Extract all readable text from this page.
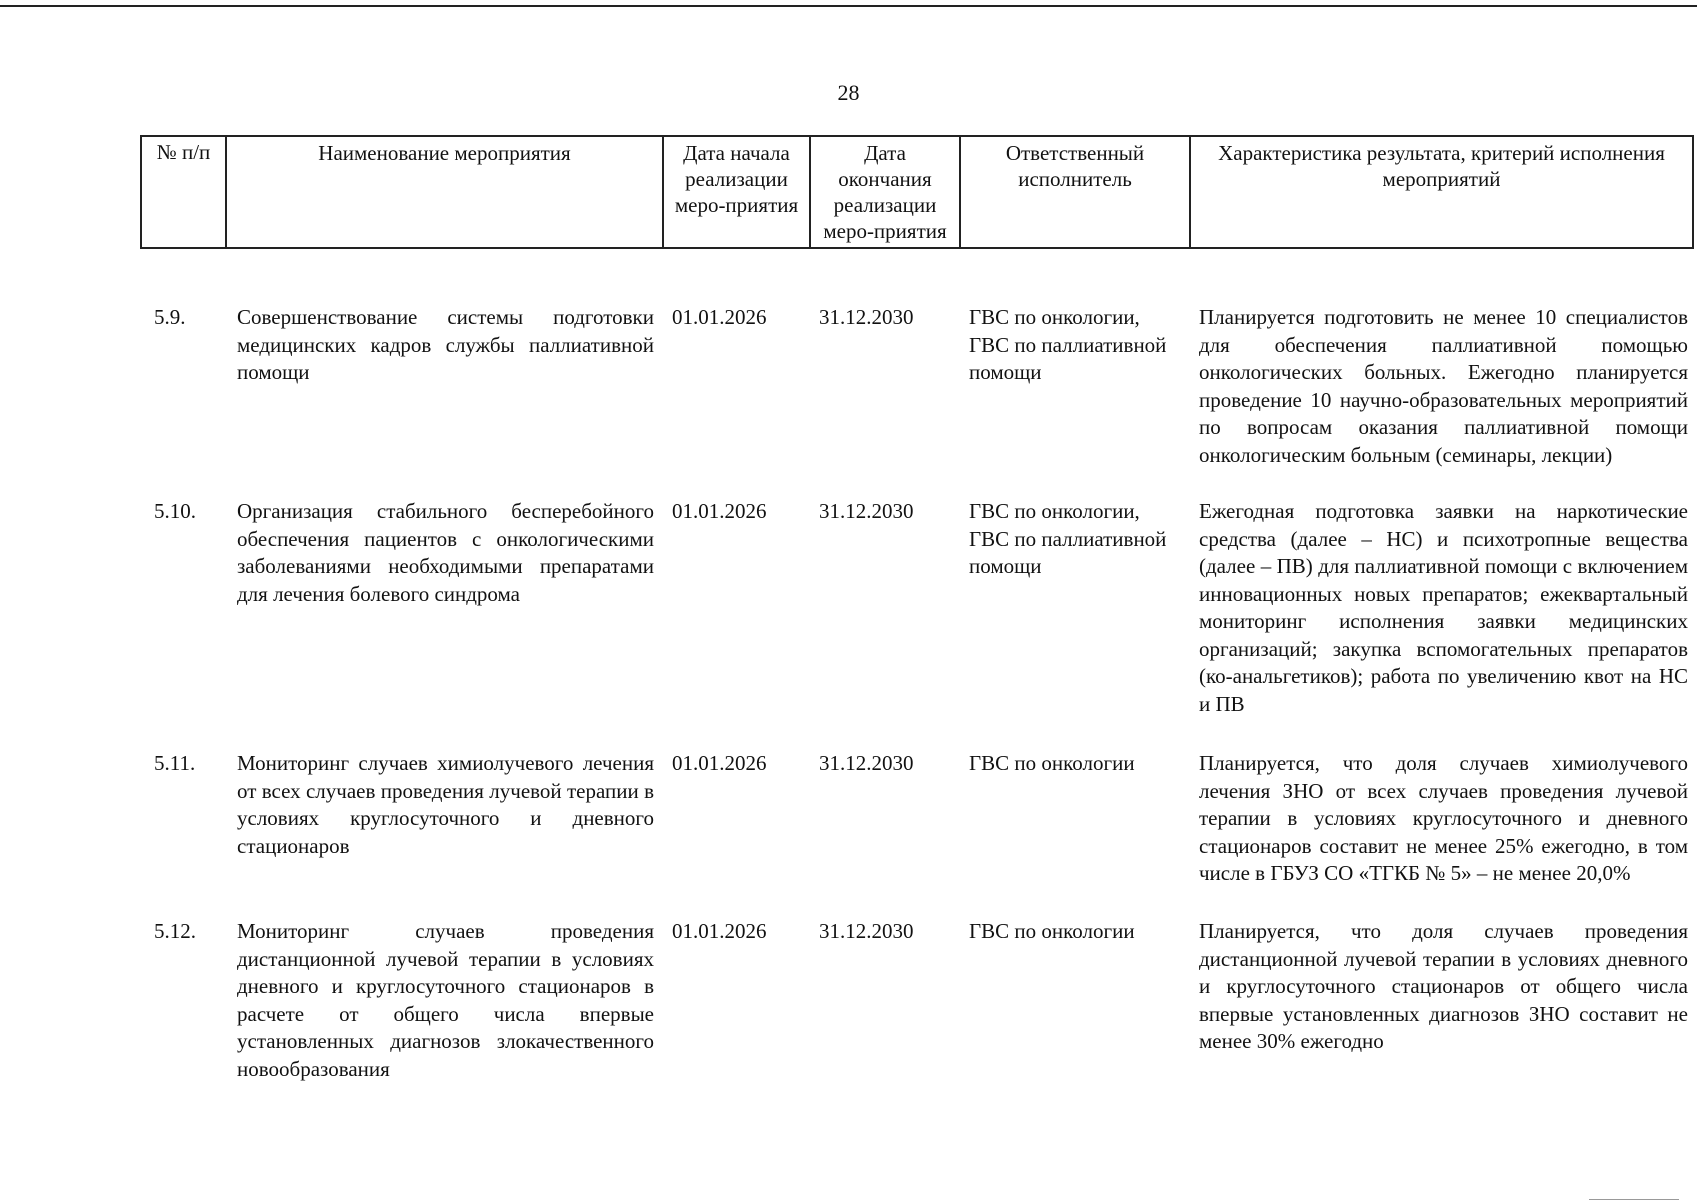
28
№ п/п	Наименование мероприятия	Дата начала реализации меро-приятия	Дата окончания реализации меро-приятия	Ответственный исполнитель	Характеристика результата, критерий исполнения мероприятий
5.9.	Совершенствование системы подготовки медицинских кадров службы паллиативной помощи	01.01.2026	31.12.2030	ГВС по онкологии, ГВС по паллиативной помощи	Планируется подготовить не менее 10 специалистов для обеспечения паллиативной помощью онкологических больных. Ежегодно планируется проведение 10 научно-образовательных мероприятий по вопросам оказания паллиативной помощи онкологическим больным (семинары, лекции)
5.10.	Организация стабильного бесперебойного обеспечения пациентов с онкологическими заболеваниями необходимыми препаратами для лечения болевого синдрома	01.01.2026	31.12.2030	ГВС по онкологии, ГВС по паллиативной помощи	Ежегодная подготовка заявки на наркотические средства (далее – НС) и психотропные вещества (далее – ПВ) для паллиативной помощи с включением инновационных новых препаратов; ежеквартальный мониторинг исполнения заявки медицинских организаций; закупка вспомогательных препаратов (ко-анальгетиков); работа по увеличению квот на НС и ПВ
5.11.	Мониторинг случаев химиолучевого лечения от всех случаев проведения лучевой терапии в условиях круглосуточного и дневного стационаров	01.01.2026	31.12.2030	ГВС по онкологии	Планируется, что доля случаев химиолучевого лечения ЗНО от всех случаев проведения лучевой терапии в условиях круглосуточного и дневного стационаров составит не менее 25% ежегодно, в том числе в ГБУЗ СО «ТГКБ № 5» – не менее 20,0%
5.12.	Мониторинг случаев проведения дистанционной лучевой терапии в условиях дневного и круглосуточного стационаров в расчете от общего числа впервые установленных диагнозов злокачественного новообразования	01.01.2026	31.12.2030	ГВС по онкологии	Планируется, что доля случаев проведения дистанционной лучевой терапии в условиях дневного и круглосуточного стационаров от общего числа впервые установленных диагнозов ЗНО составит не менее 30% ежегодно
